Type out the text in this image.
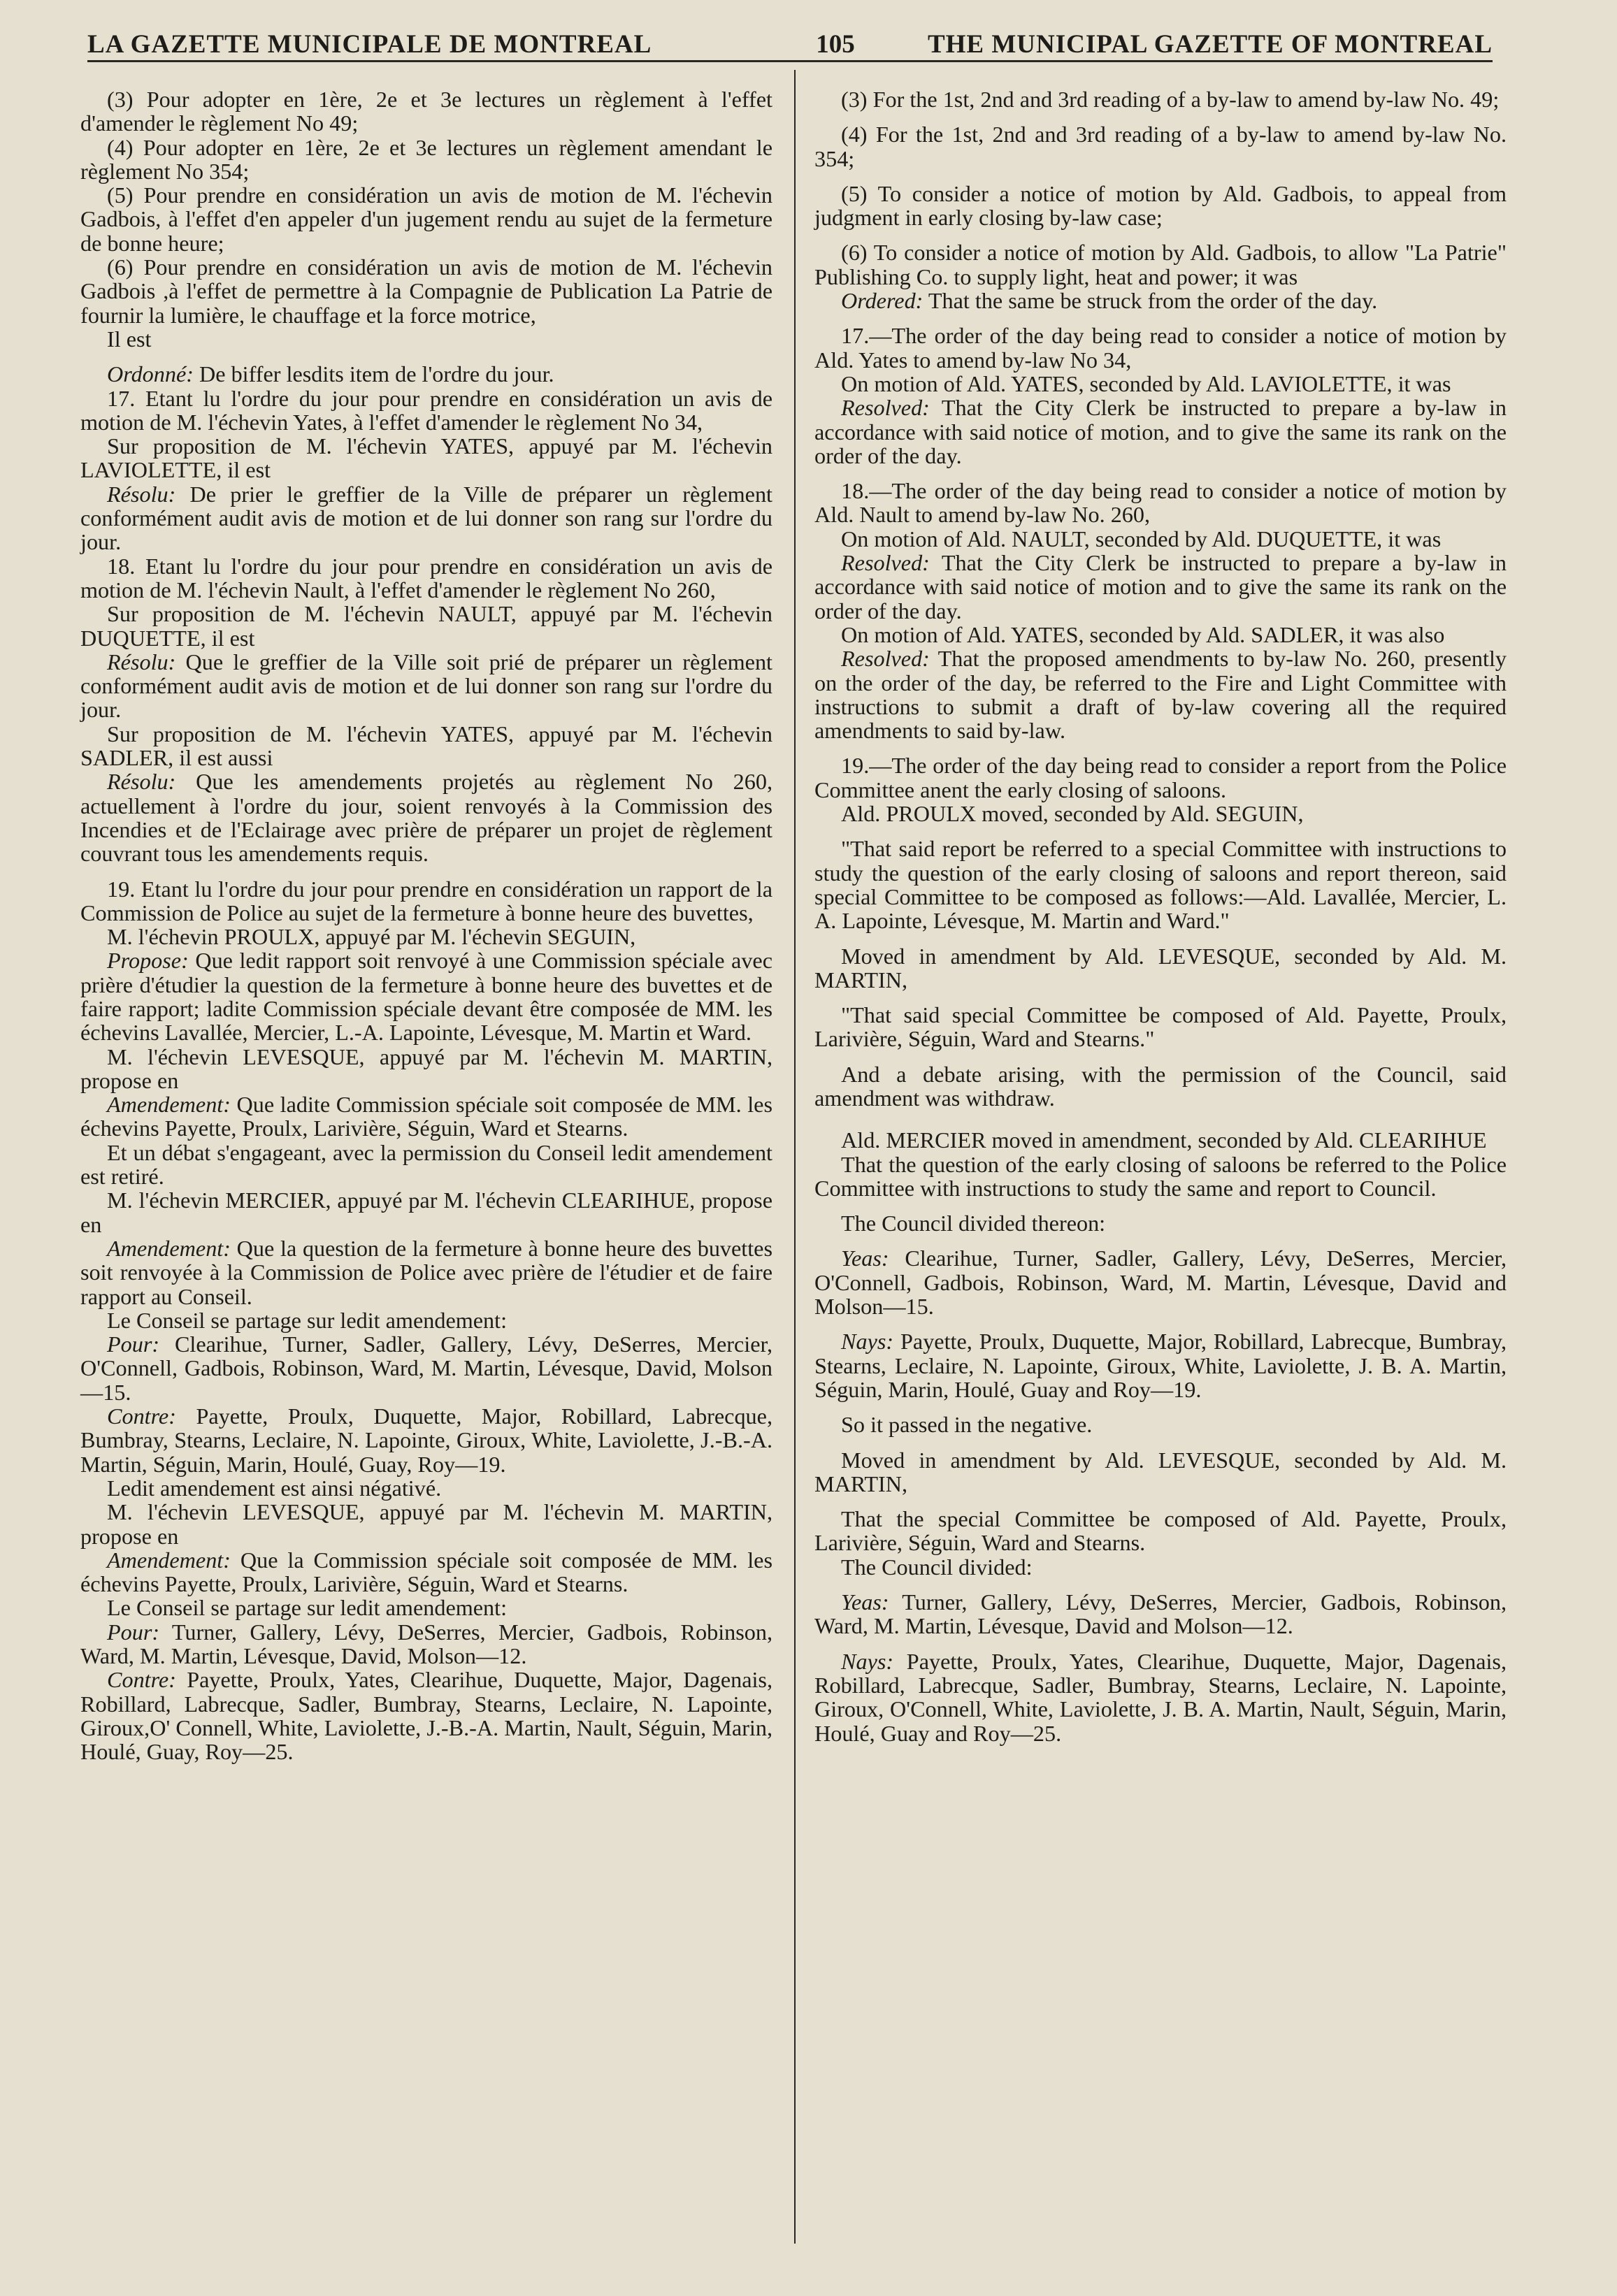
LA GAZETTE MUNICIPALE DE MONTREAL	105	THE MUNICIPAL GAZETTE OF MONTREAL

(3) Pour adopter en 1ère, 2e et 3e lectures un règlement à l'effet d'amender le règlement No 49;

(4) Pour adopter en 1ère, 2e et 3e lectures un règlement amendant le règlement No 354;

(5) Pour prendre en considération un avis de motion de M. l'échevin Gadbois, à l'effet d'en appeler d'un jugement rendu au sujet de la fermeture de bonne heure;

(6) Pour prendre en considération un avis de motion de M. l'échevin Gadbois ,à l'effet de permettre à la Compagnie de Publication La Patrie de fournir la lumière, le chauffage et la force motrice,

Il est

Ordonné: De biffer lesdits item de l'ordre du jour.

17. Etant lu l'ordre du jour pour prendre en considération un avis de motion de M. l'échevin Yates, à l'effet d'amender le règlement No 34,

Sur proposition de M. l'échevin YATES, appuyé par M. l'échevin LAVIOLETTE, il est

Résolu: De prier le greffier de la Ville de préparer un règlement conformément audit avis de motion et de lui donner son rang sur l'ordre du jour.

18. Etant lu l'ordre du jour pour prendre en considération un avis de motion de M. l'échevin Nault, à l'effet d'amender le règlement No 260,

Sur proposition de M. l'échevin NAULT, appuyé par M. l'échevin DUQUETTE, il est

Résolu: Que le greffier de la Ville soit prié de préparer un règlement conformément audit avis de motion et de lui donner son rang sur l'ordre du jour.

Sur proposition de M. l'échevin YATES, appuyé par M. l'échevin SADLER, il est aussi

Résolu: Que les amendements projetés au règlement No 260, actuellement à l'ordre du jour, soient renvoyés à la Commission des Incendies et de l'Eclairage avec prière de préparer un projet de règlement couvrant tous les amendements requis.

19. Etant lu l'ordre du jour pour prendre en considération un rapport de la Commission de Police au sujet de la fermeture à bonne heure des buvettes,

M. l'échevin PROULX, appuyé par M. l'échevin SEGUIN,

Propose: Que ledit rapport soit renvoyé à une Commission spéciale avec prière d'étudier la question de la fermeture à bonne heure des buvettes et de faire rapport; ladite Commission spéciale devant être composée de MM. les échevins Lavallée, Mercier, L.-A. Lapointe, Lévesque, M. Martin et Ward.

M. l'échevin LEVESQUE, appuyé par M. l'échevin M. MARTIN, propose en

Amendement: Que ladite Commission spéciale soit composée de MM. les échevins Payette, Proulx, Larivière, Séguin, Ward et Stearns.

Et un débat s'engageant, avec la permission du Conseil ledit amendement est retiré.

M. l'échevin MERCIER, appuyé par M. l'échevin CLEARIHUE, propose en

Amendement: Que la question de la fermeture à bonne heure des buvettes soit renvoyée à la Commission de Police avec prière de l'étudier et de faire rapport au Conseil.

Le Conseil se partage sur ledit amendement:

Pour: Clearihue, Turner, Sadler, Gallery, Lévy, DeSerres, Mercier, O'Connell, Gadbois, Robinson, Ward, M. Martin, Lévesque, David, Molson—15.

Contre: Payette, Proulx, Duquette, Major, Robillard, Labrecque, Bumbray, Stearns, Leclaire, N. Lapointe, Giroux, White, Laviolette, J.-B.-A. Martin, Séguin, Marin, Houlé, Guay, Roy—19.

Ledit amendement est ainsi négativé.

M. l'échevin LEVESQUE, appuyé par M. l'échevin M. MARTIN, propose en

Amendement: Que la Commission spéciale soit composée de MM. les échevins Payette, Proulx, Larivière, Séguin, Ward et Stearns.

Le Conseil se partage sur ledit amendement:

Pour: Turner, Gallery, Lévy, DeSerres, Mercier, Gadbois, Robinson, Ward, M. Martin, Lévesque, David, Molson—12.

Contre: Payette, Proulx, Yates, Clearihue, Duquette, Major, Dagenais, Robillard, Labrecque, Sadler, Bumbray, Stearns, Leclaire, N. Lapointe, Giroux,O' Connell, White, Laviolette, J.-B.-A. Martin, Nault, Séguin, Marin, Houlé, Guay, Roy—25.

(3) For the 1st, 2nd and 3rd reading of a by-law to amend by-law No. 49;

(4) For the 1st, 2nd and 3rd reading of a by-law to amend by-law No. 354;

(5) To consider a notice of motion by Ald. Gadbois, to appeal from judgment in early closing by-law case;

(6) To consider a notice of motion by Ald. Gadbois, to allow "La Patrie" Publishing Co. to supply light, heat and power; it was

Ordered: That the same be struck from the order of the day.

17.—The order of the day being read to consider a notice of motion by Ald. Yates to amend by-law No 34,

On motion of Ald. YATES, seconded by Ald. LAVIOLETTE, it was

Resolved: That the City Clerk be instructed to prepare a by-law in accordance with said notice of motion, and to give the same its rank on the order of the day.

18.—The order of the day being read to consider a notice of motion by Ald. Nault to amend by-law No. 260,

On motion of Ald. NAULT, seconded by Ald. DUQUETTE, it was

Resolved: That the City Clerk be instructed to prepare a by-law in accordance with said notice of motion and to give the same its rank on the order of the day.

On motion of Ald. YATES, seconded by Ald. SADLER, it was also

Resolved: That the proposed amendments to by-law No. 260, presently on the order of the day, be referred to the Fire and Light Committee with instructions to submit a draft of by-law covering all the required amendments to said by-law.

19.—The order of the day being read to consider a report from the Police Committee anent the early closing of saloons.

Ald. PROULX moved, seconded by Ald. SEGUIN,

"That said report be referred to a special Committee with instructions to study the question of the early closing of saloons and report thereon, said special Committee to be composed as follows:—Ald. Lavallée, Mercier, L. A. Lapointe, Lévesque, M. Martin and Ward."

Moved in amendment by Ald. LEVESQUE, seconded by Ald. M. MARTIN,

"That said special Committee be composed of Ald. Payette, Proulx, Larivière, Séguin, Ward and Stearns."

And a debate arising, with the permission of the Council, said amendment was withdraw.

Ald. MERCIER moved in amendment, seconded by Ald. CLEARIHUE

That the question of the early closing of saloons be referred to the Police Committee with instructions to study the same and report to Council.

The Council divided thereon:

Yeas: Clearihue, Turner, Sadler, Gallery, Lévy, DeSerres, Mercier, O'Connell, Gadbois, Robinson, Ward, M. Martin, Lévesque, David and Molson—15.

Nays: Payette, Proulx, Duquette, Major, Robillard, Labrecque, Bumbray, Stearns, Leclaire, N. Lapointe, Giroux, White, Laviolette, J. B. A. Martin, Séguin, Marin, Houlé, Guay and Roy—19.

So it passed in the negative.

Moved in amendment by Ald. LEVESQUE, seconded by Ald. M. MARTIN,

That the special Committee be composed of Ald. Payette, Proulx, Larivière, Séguin, Ward and Stearns.

The Council divided:

Yeas: Turner, Gallery, Lévy, DeSerres, Mercier, Gadbois, Robinson, Ward, M. Martin, Lévesque, David and Molson—12.

Nays: Payette, Proulx, Yates, Clearihue, Duquette, Major, Dagenais, Robillard, Labrecque, Sadler, Bumbray, Stearns, Leclaire, N. Lapointe, Giroux, O'Connell, White, Laviolette, J. B. A. Martin, Nault, Séguin, Marin, Houlé, Guay and Roy—25.
